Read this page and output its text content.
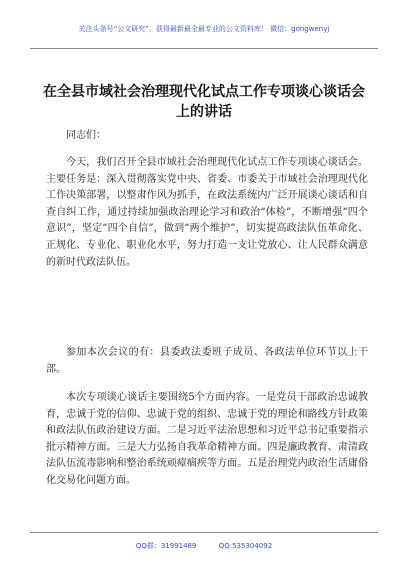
关注头条号“公文研究”，获得最新最全最专业的公文资料库！ 微信：gongwenyj
在全县市域社会治理现代化试点工作专项谈心谈话会上的讲话

同志们：

今天，我们召开全县市域社会治理现代化试点工作专项谈心谈话会。主要任务是：深入贯彻落实党中央、省委、市委关于市域社会治理现代化工作决策部署，以整肃作风为抓手，在政法系统内广泛开展谈心谈话和自查自纠工作，通过持续加强政治理论学习和政治“体检”，不断增强“四个意识”，坚定“四个自信”，做到“两个维护”，切实提高政法队伍革命化、正规化、专业化、职业化水平，努力打造一支让党放心、让人民群众满意的新时代政法队伍。

参加本次会议的有：县委政法委班子成员、各政法单位环节以上干部。

本次专项谈心谈话主要围绕5个方面内容。一是党员干部政治忠诚教育，忠诚于党的信仰、忠诚于党的组织、忠诚于党的理论和路线方针政策和政法队伍政治建设方面。二是习近平法治思想和习近平总书记重要指示批示精神方面。三是大力弘扬自我革命精神方面。四是廉政教育、肃清政法队伍流毒影响和整治系统顽瘴痼疾等方面。五是治理党内政治生活庸俗化交易化问题方面。

QQ群：31991489          QQ:535304092
